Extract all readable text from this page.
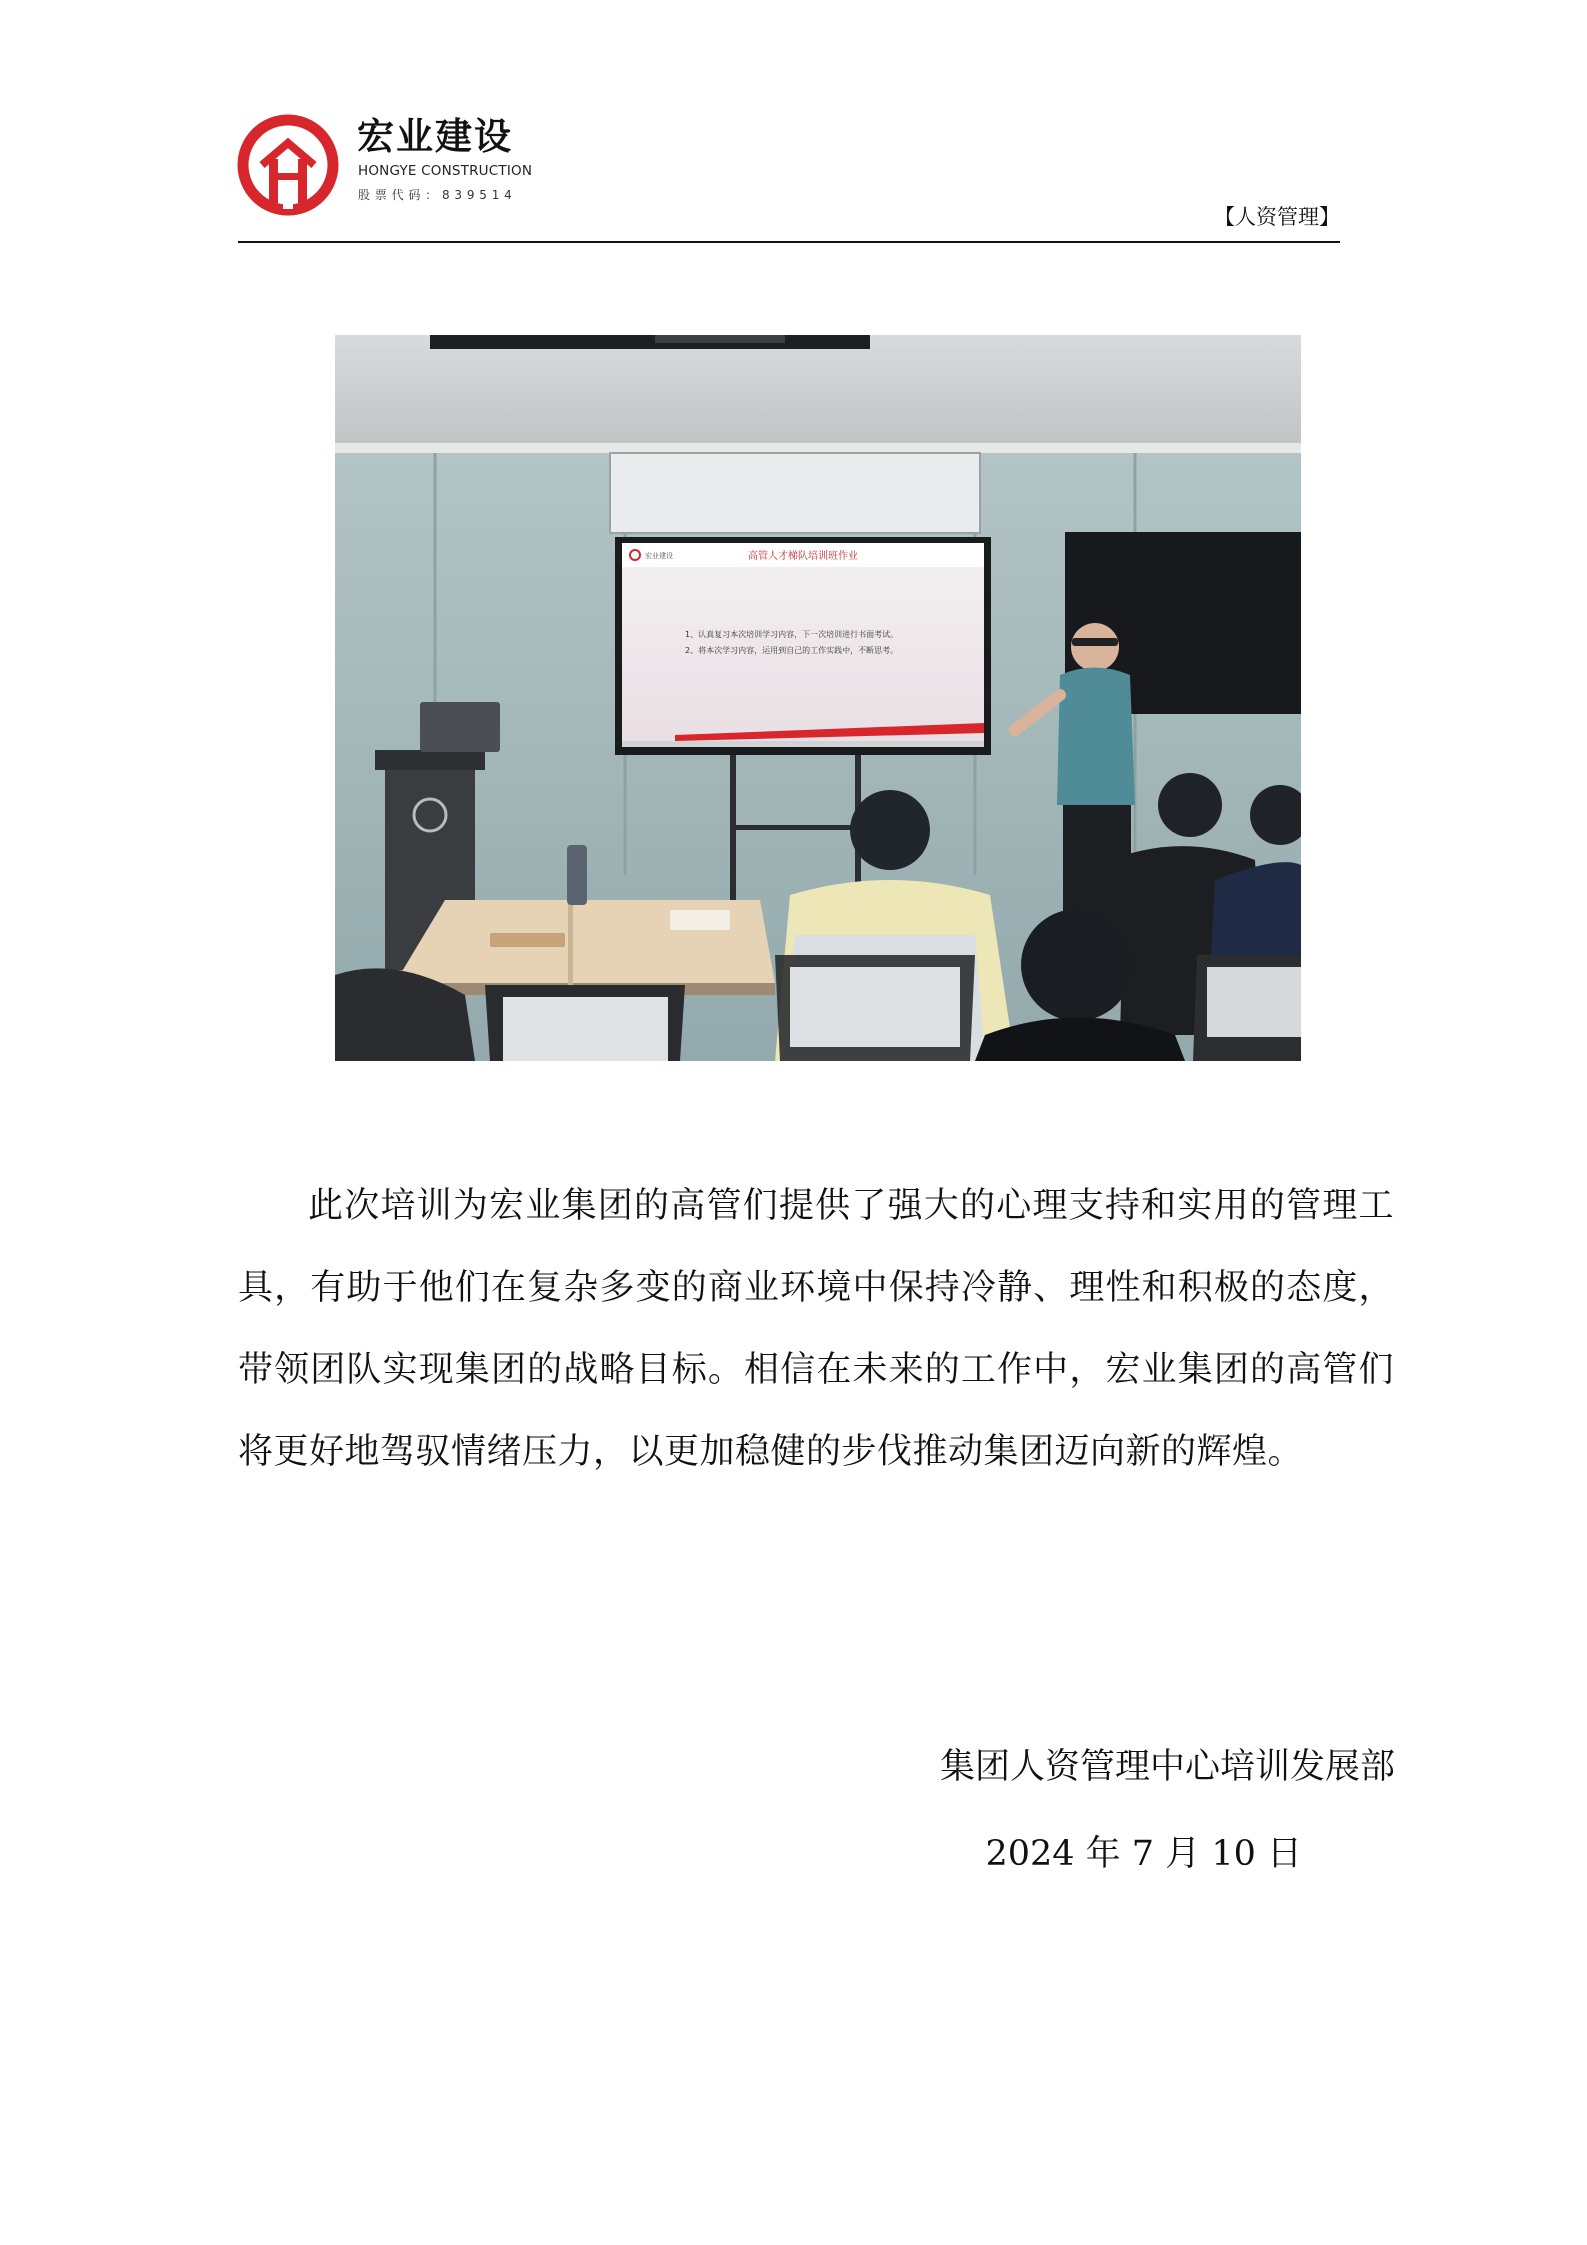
宏业建设
HONGYE CONSTRUCTION
股票代码：839514
【人资管理】
宏业建设	高管人才梯队培训班作业
1、认真复习本次培训学习内容，下一次培训进行书面考试。
2、将本次学习内容，运用到自己的工作实践中，不断思考。

此次培训为宏业集团的高管们提供了强大的心理支持和实用的管理工具，有助于他们在复杂多变的商业环境中保持冷静、理性和积极的态度，带领团队实现集团的战略目标。相信在未来的工作中，宏业集团的高管们将更好地驾驭情绪压力，以更加稳健的步伐推动集团迈向新的辉煌。

集团人资管理中心培训发展部
2024 年 7 月 10 日
